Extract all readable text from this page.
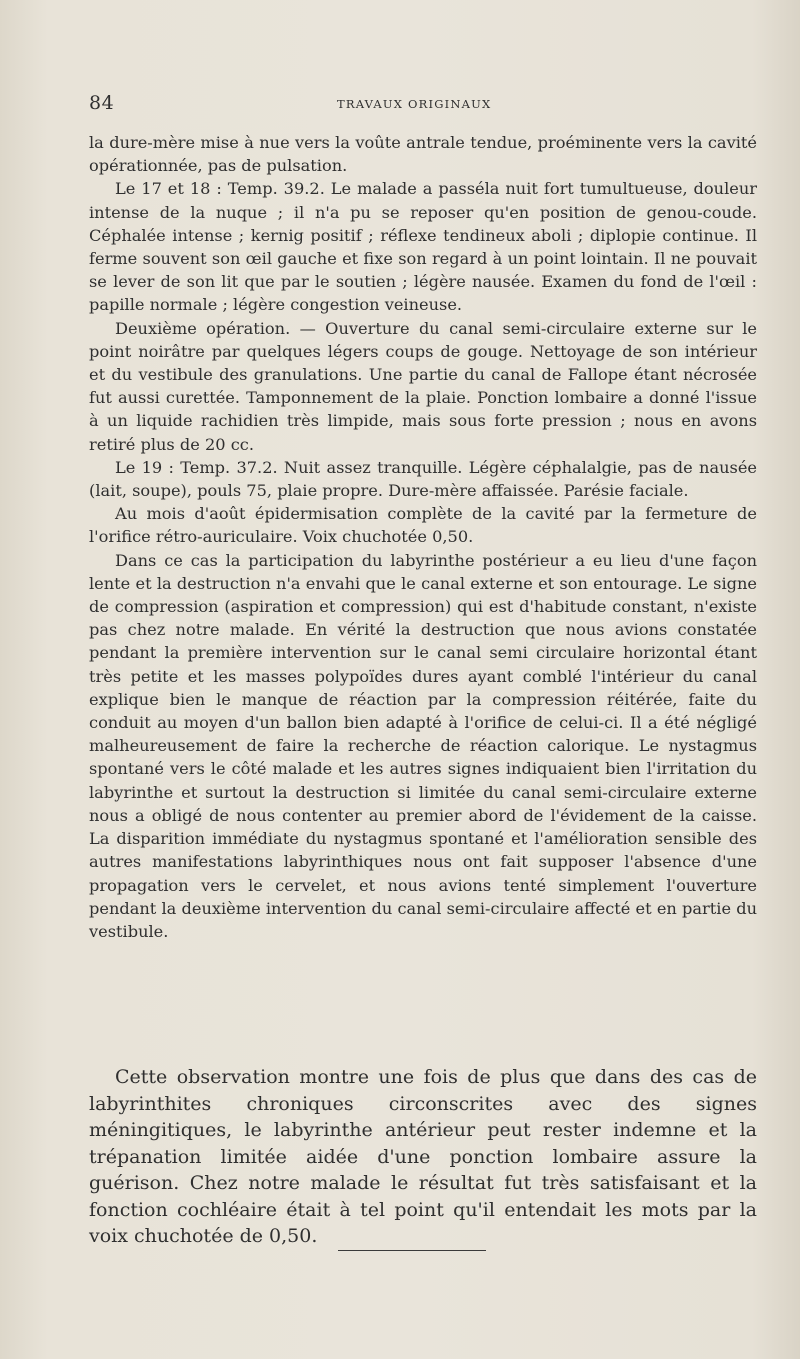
84	TRAVAUX ORIGINAUX

la dure-mère mise à nue vers la voûte antrale tendue, proéminente vers la cavité opérationnée, pas de pulsation.

Le 17 et 18 : Temp. 39.2. Le malade a passéla nuit fort tumultueuse, douleur intense de la nuque ; il n'a pu se reposer qu'en position de genou-coude. Céphalée intense ; kernig positif ; réflexe tendineux aboli ; diplopie continue. Il ferme souvent son œil gauche et fixe son regard à un point lointain. Il ne pouvait se lever de son lit que par le soutien ; légère nausée. Examen du fond de l'œil : papille normale ; légère congestion veineuse.

Deuxième opération. — Ouverture du canal semi-circulaire externe sur le point noirâtre par quelques légers coups de gouge. Nettoyage de son intérieur et du vestibule des granulations. Une partie du canal de Fallope étant nécrosée fut aussi curettée. Tamponnement de la plaie. Ponction lombaire a donné l'issue à un liquide rachidien très limpide, mais sous forte pression ; nous en avons retiré plus de 20 cc.

Le 19 : Temp. 37.2. Nuit assez tranquille. Légère céphalalgie, pas de nausée (lait, soupe), pouls 75, plaie propre. Dure-mère affaissée. Parésie faciale.

Au mois d'août épidermisation complète de la cavité par la fermeture de l'orifice rétro-auriculaire. Voix chuchotée 0,50.

Dans ce cas la participation du labyrinthe postérieur a eu lieu d'une façon lente et la destruction n'a envahi que le canal externe et son entourage. Le signe de compression (aspiration et compression) qui est d'habitude constant, n'existe pas chez notre malade. En vérité la destruction que nous avions constatée pendant la première intervention sur le canal semi circulaire horizontal étant très petite et les masses polypoïdes dures ayant comblé l'intérieur du canal explique bien le manque de réaction par la compression réitérée, faite du conduit au moyen d'un ballon bien adapté à l'orifice de celui-ci. Il a été négligé malheureusement de faire la recherche de réaction calorique. Le nystagmus spontané vers le côté malade et les autres signes indiquaient bien l'irritation du labyrinthe et surtout la destruction si limitée du canal semi-circulaire externe nous a obligé de nous contenter au premier abord de l'évidement de la caisse. La disparition immédiate du nystagmus spontané et l'amélioration sensible des autres manifestations labyrinthiques nous ont fait supposer l'absence d'une propagation vers le cervelet, et nous avions tenté simplement l'ouverture pendant la deuxième intervention du canal semi-circulaire affecté et en partie du vestibule.

Cette observation montre une fois de plus que dans des cas de labyrinthites chroniques circonscrites avec des signes méningitiques, le labyrinthe antérieur peut rester indemne et la trépanation limitée aidée d'une ponction lombaire assure la guérison. Chez notre malade le résultat fut très satisfaisant et la fonction cochléaire était à tel point qu'il entendait les mots par la voix chuchotée de 0,50.
